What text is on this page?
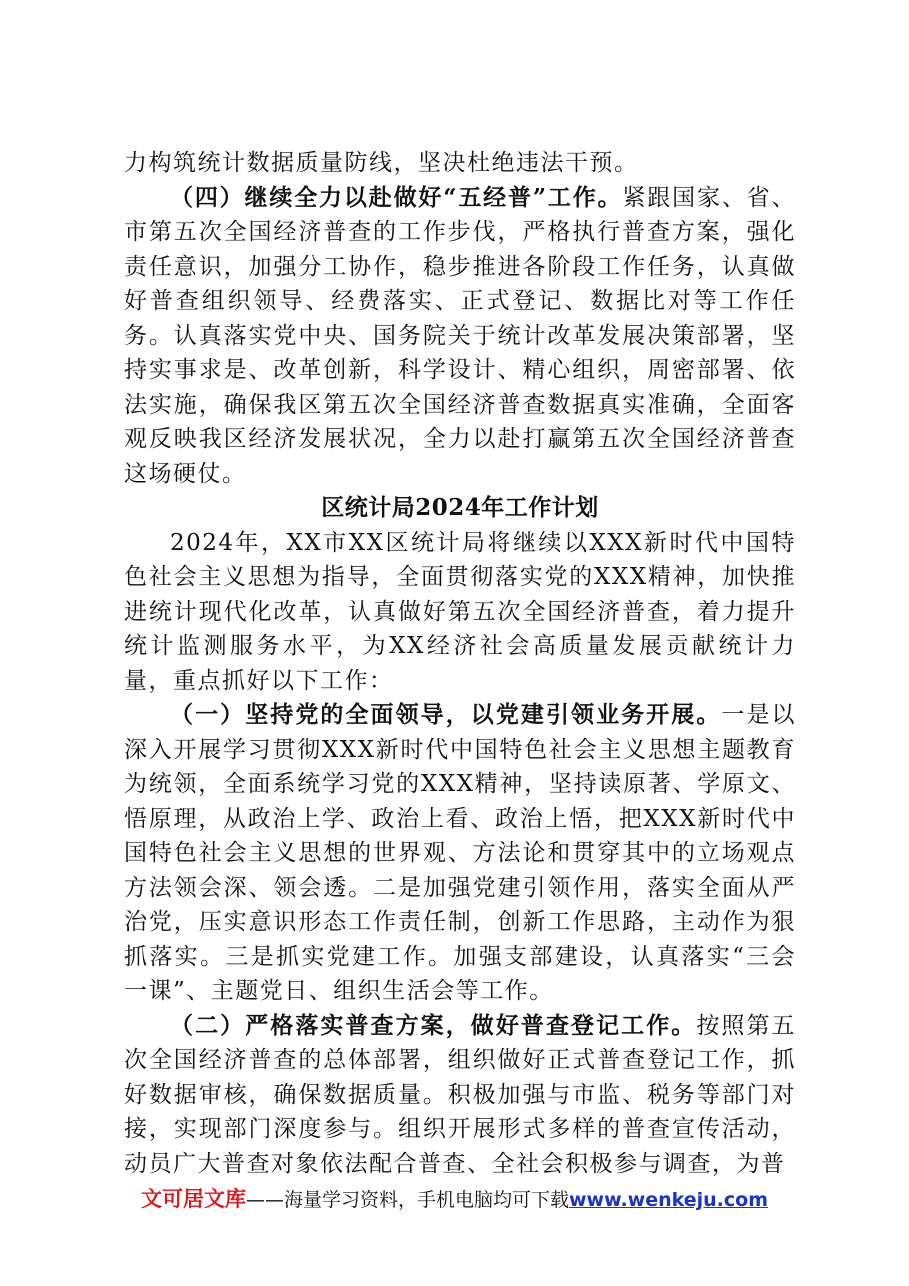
力构筑统计数据质量防线，坚决杜绝违法干预。

（四）继续全力以赴做好“五经普”工作。紧跟国家、省、市第五次全国经济普查的工作步伐，严格执行普查方案，强化责任意识，加强分工协作，稳步推进各阶段工作任务，认真做好普查组织领导、经费落实、正式登记、数据比对等工作任务。认真落实党中央、国务院关于统计改革发展决策部署，坚持实事求是、改革创新，科学设计、精心组织，周密部署、依法实施，确保我区第五次全国经济普查数据真实准确，全面客观反映我区经济发展状况，全力以赴打赢第五次全国经济普查这场硬仗。

区统计局2024年工作计划

2024年，XX市XX区统计局将继续以XXX新时代中国特色社会主义思想为指导，全面贯彻落实党的XXX精神，加快推进统计现代化改革，认真做好第五次全国经济普查，着力提升统计监测服务水平，为XX经济社会高质量发展贡献统计力量，重点抓好以下工作：

（一）坚持党的全面领导，以党建引领业务开展。一是以深入开展学习贯彻XXX新时代中国特色社会主义思想主题教育为统领，全面系统学习党的XXX精神，坚持读原著、学原文、悟原理，从政治上学、政治上看、政治上悟，把XXX新时代中国特色社会主义思想的世界观、方法论和贯穿其中的立场观点方法领会深、领会透。二是加强党建引领作用，落实全面从严治党，压实意识形态工作责任制，创新工作思路，主动作为狠抓落实。三是抓实党建工作。加强支部建设，认真落实“三会一课”、主题党日、组织生活会等工作。

（二）严格落实普查方案，做好普查登记工作。按照第五次全国经济普查的总体部署，组织做好正式普查登记工作，抓好数据审核，确保数据质量。积极加强与市监、税务等部门对接，实现部门深度参与。组织开展形式多样的普查宣传活动，动员广大普查对象依法配合普查、全社会积极参与调查，为普

文可居文库——海量学习资料，手机电脑均可下载www.wenkeju.com
